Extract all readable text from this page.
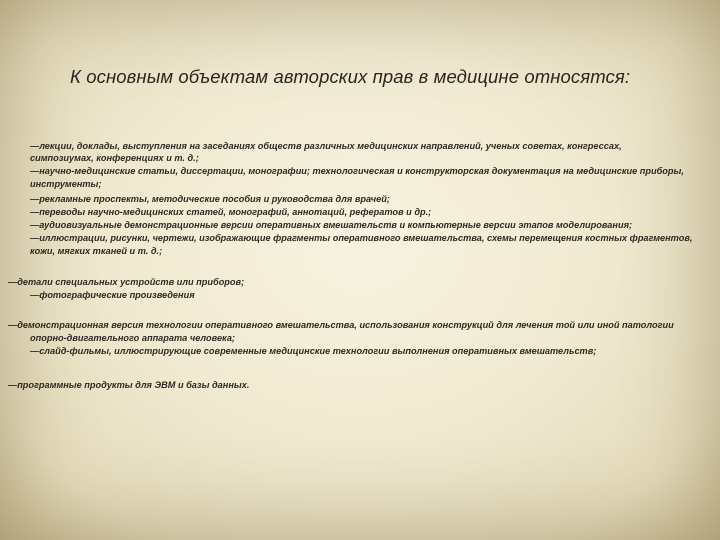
К основным объектам авторских прав в медицине относятся:
—лекции, доклады, выступления на заседаниях обществ различных медицинских направлений, ученых советах, конгрессах,
симпозиумах, конференциях и т. д.;
—научно-медицинские статьи, диссертации, монографии; технологическая и конструкторская документация на медицинские приборы,
инструменты;
—рекламные проспекты, методические пособия и руководства для врачей;
—переводы научно-медицинских статей, монографий, аннотаций, рефератов и др.;
—аудиовизуальные демонстрационные версии оперативных вмешательств и компьютерные версии этапов моделирования;
—иллюстрации, рисунки, чертежи, изображающие фрагменты оперативного вмешательства, схемы перемещения костных фрагментов,
кожи, мягких тканей и т. д.;
—детали специальных устройств или приборов;
—фотографические произведения
—демонстрационная версия технологии оперативного вмешательства, использования конструкций для лечения той или иной патологии
опорно-двигательного аппарата человека;
—слайд-фильмы, иллюстрирующие современные медицинские технологии выполнения оперативных вмешательств;
—программные продукты для ЭВМ и базы данных.
